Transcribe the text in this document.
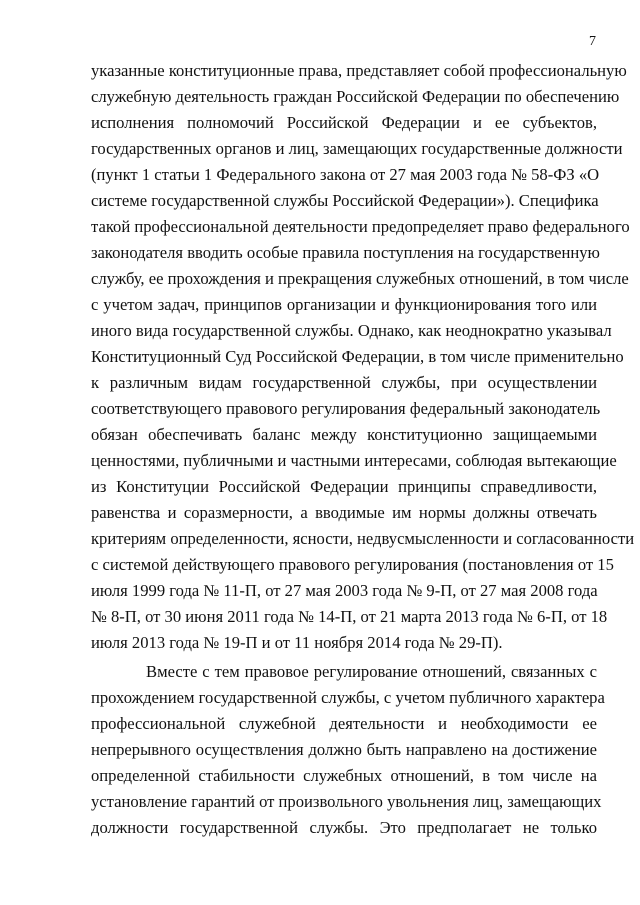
7
указанные конституционные права, представляет собой профессиональную
служебную деятельность граждан Российской Федерации по обеспечению
исполнения полномочий Российской Федерации и ее субъектов,
государственных органов и лиц, замещающих государственные должности
(пункт 1 статьи 1 Федерального закона от 27 мая 2003 года № 58-ФЗ «О
системе государственной службы Российской Федерации»). Специфика
такой профессиональной деятельности предопределяет право федерального
законодателя вводить особые правила поступления на государственную
службу, ее прохождения и прекращения служебных отношений, в том числе
с учетом задач, принципов организации и функционирования того или
иного вида государственной службы. Однако, как неоднократно указывал
Конституционный Суд Российской Федерации, в том числе применительно
к различным видам государственной службы, при осуществлении
соответствующего правового регулирования федеральный законодатель
обязан обеспечивать баланс между конституционно защищаемыми
ценностями, публичными и частными интересами, соблюдая вытекающие
из Конституции Российской Федерации принципы справедливости,
равенства и соразмерности, а вводимые им нормы должны отвечать
критериям определенности, ясности, недвусмысленности и согласованности
с системой действующего правового регулирования (постановления от 15
июля 1999 года № 11-П, от 27 мая 2003 года № 9-П, от 27 мая 2008 года
№ 8-П, от 30 июня 2011 года № 14-П, от 21 марта 2013 года № 6-П, от 18
июля 2013 года № 19-П и от 11 ноября 2014 года № 29-П).
Вместе с тем правовое регулирование отношений, связанных с
прохождением государственной службы, с учетом публичного характера
профессиональной служебной деятельности и необходимости ее
непрерывного осуществления должно быть направлено на достижение
определенной стабильности служебных отношений, в том числе на
установление гарантий от произвольного увольнения лиц, замещающих
должности государственной службы. Это предполагает не только
